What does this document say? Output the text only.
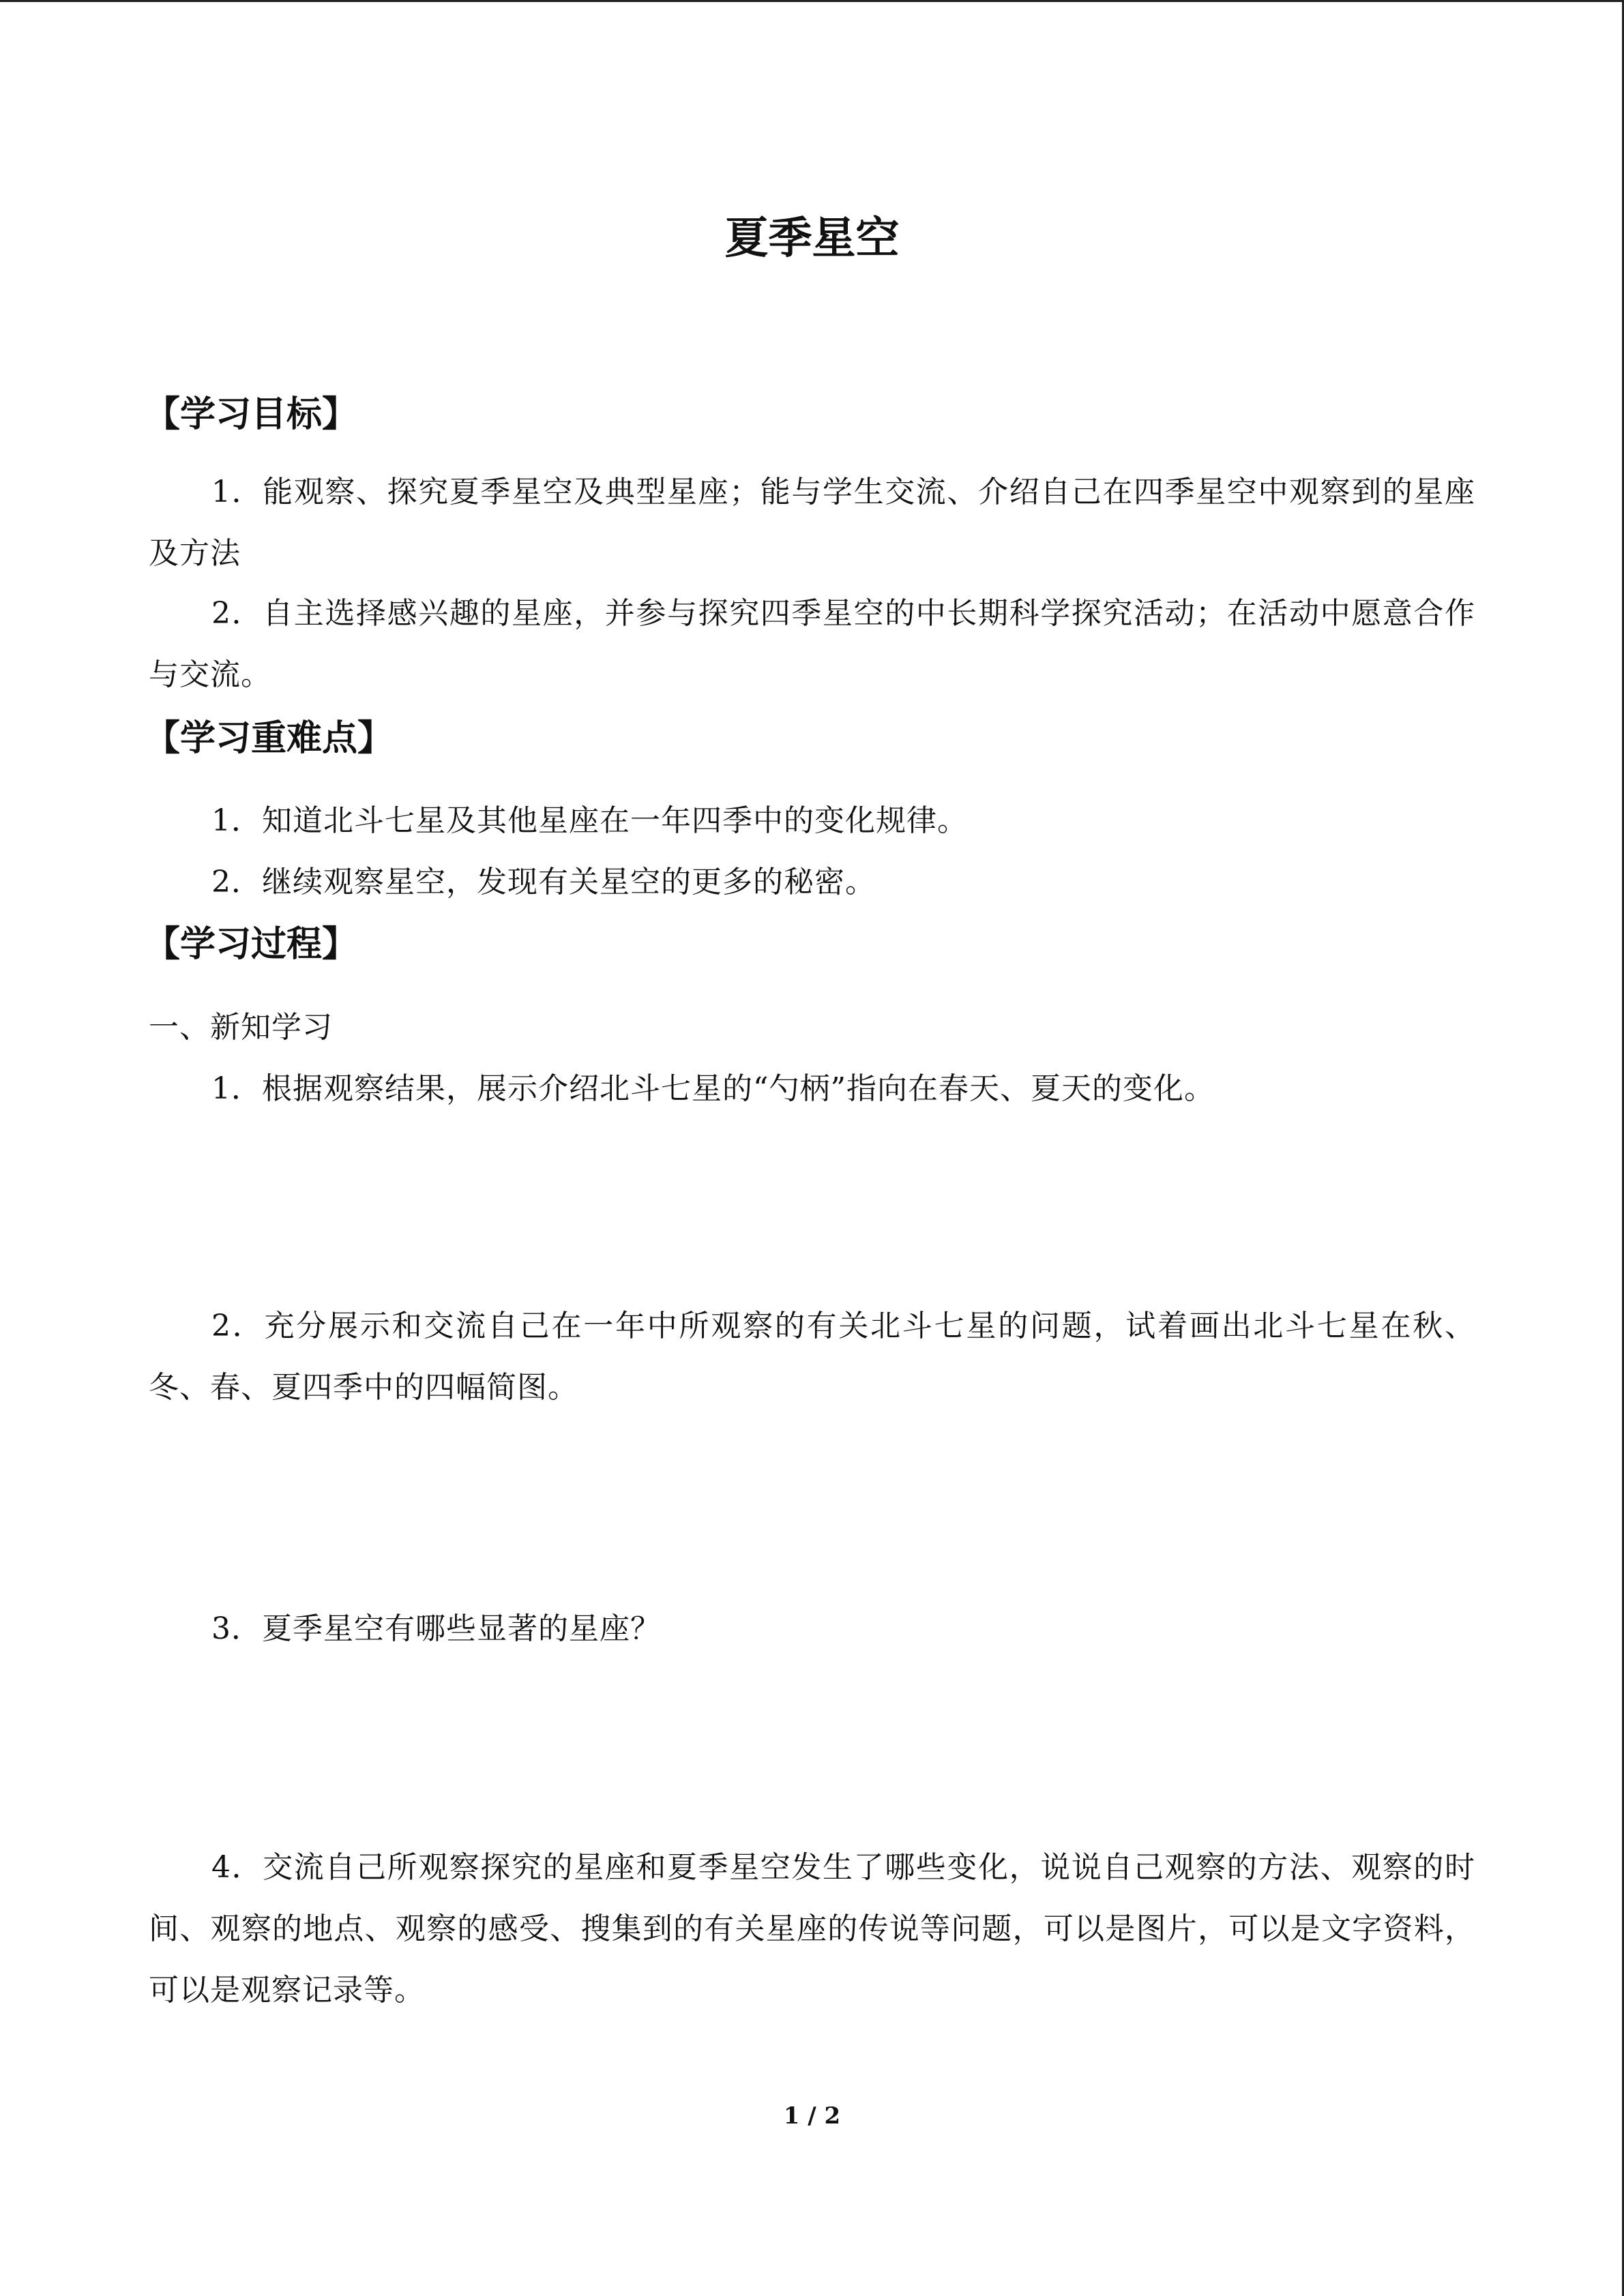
夏季星空
【学习目标】
1．能观察、探究夏季星空及典型星座；能与学生交流、介绍自己在四季星空中观察到的星座及方法
2．自主选择感兴趣的星座，并参与探究四季星空的中长期科学探究活动；在活动中愿意合作与交流。
【学习重难点】
1．知道北斗七星及其他星座在一年四季中的变化规律。
2．继续观察星空，发现有关星空的更多的秘密。
【学习过程】
一、新知学习
1．根据观察结果，展示介绍北斗七星的“勺柄”指向在春天、夏天的变化。
2．充分展示和交流自己在一年中所观察的有关北斗七星的问题，试着画出北斗七星在秋、冬、春、夏四季中的四幅简图。
3．夏季星空有哪些显著的星座？
4．交流自己所观察探究的星座和夏季星空发生了哪些变化，说说自己观察的方法、观察的时间、观察的地点、观察的感受、搜集到的有关星座的传说等问题，可以是图片，可以是文字资料，可以是观察记录等。
1 / 2
